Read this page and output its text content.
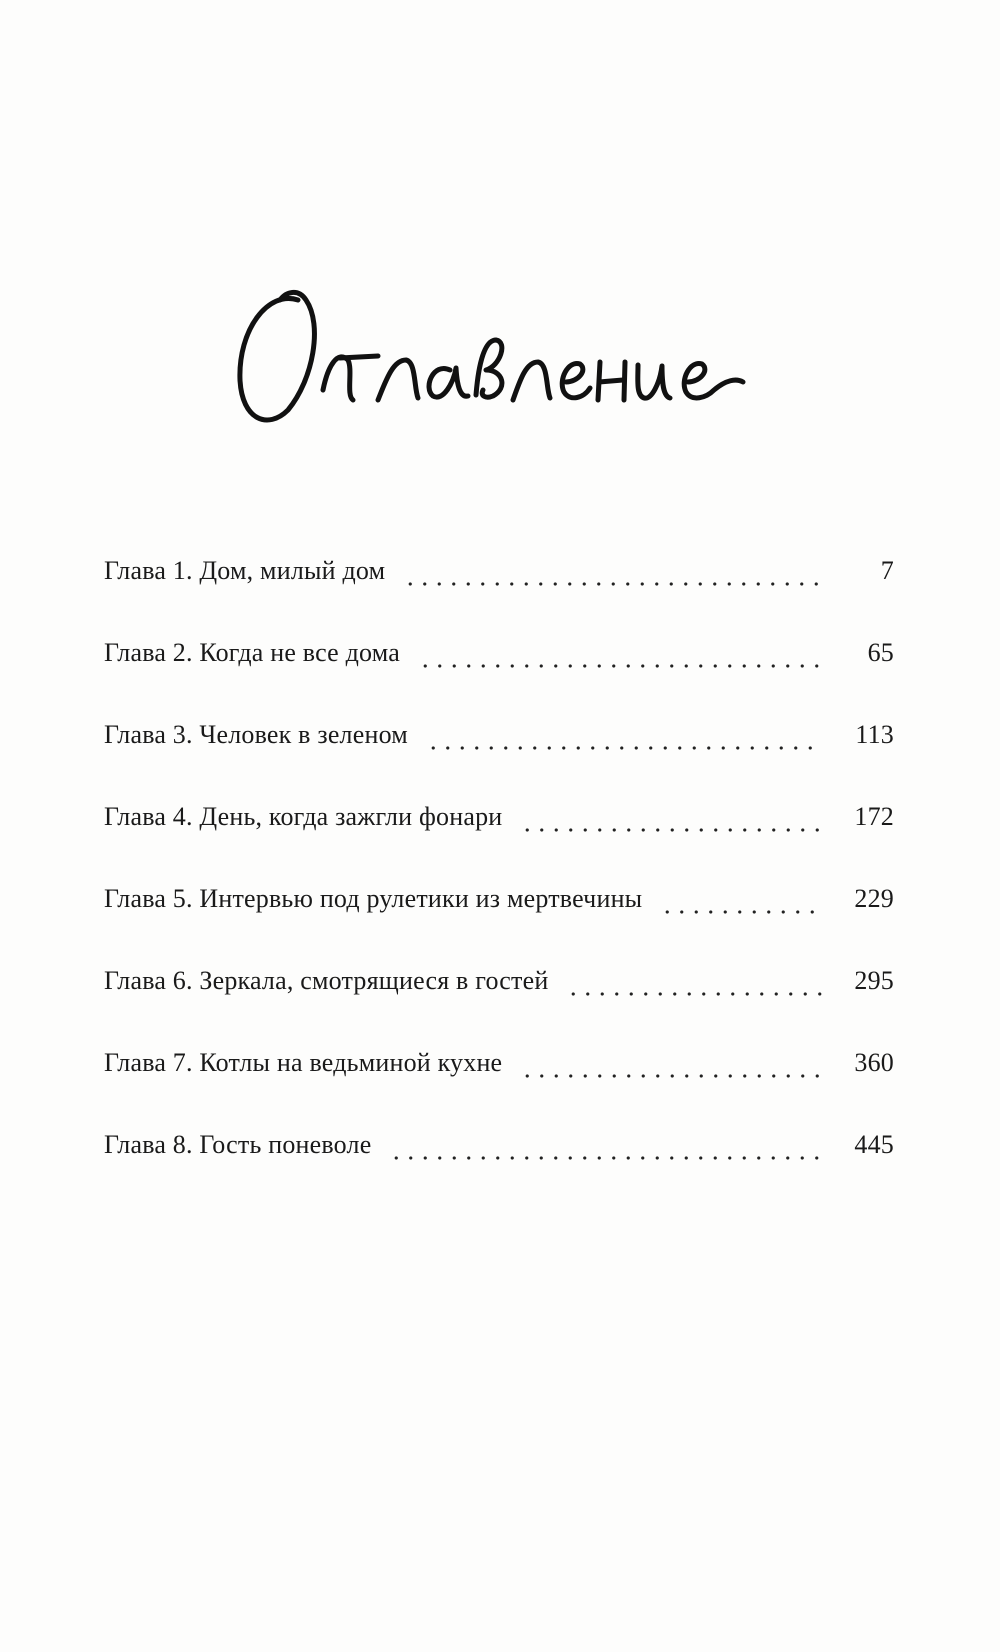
Глава 1. Дом, милый дом	7
Глава 2. Когда не все дома	65
Глава 3. Человек в зеленом	113
Глава 4. День, когда зажгли фонари	172
Глава 5. Интервью под рулетики из мертвечины	229
Глава 6. Зеркала, смотрящиеся в гостей	295
Глава 7. Котлы на ведьминой кухне	360
Глава 8. Гость поневоле	445
